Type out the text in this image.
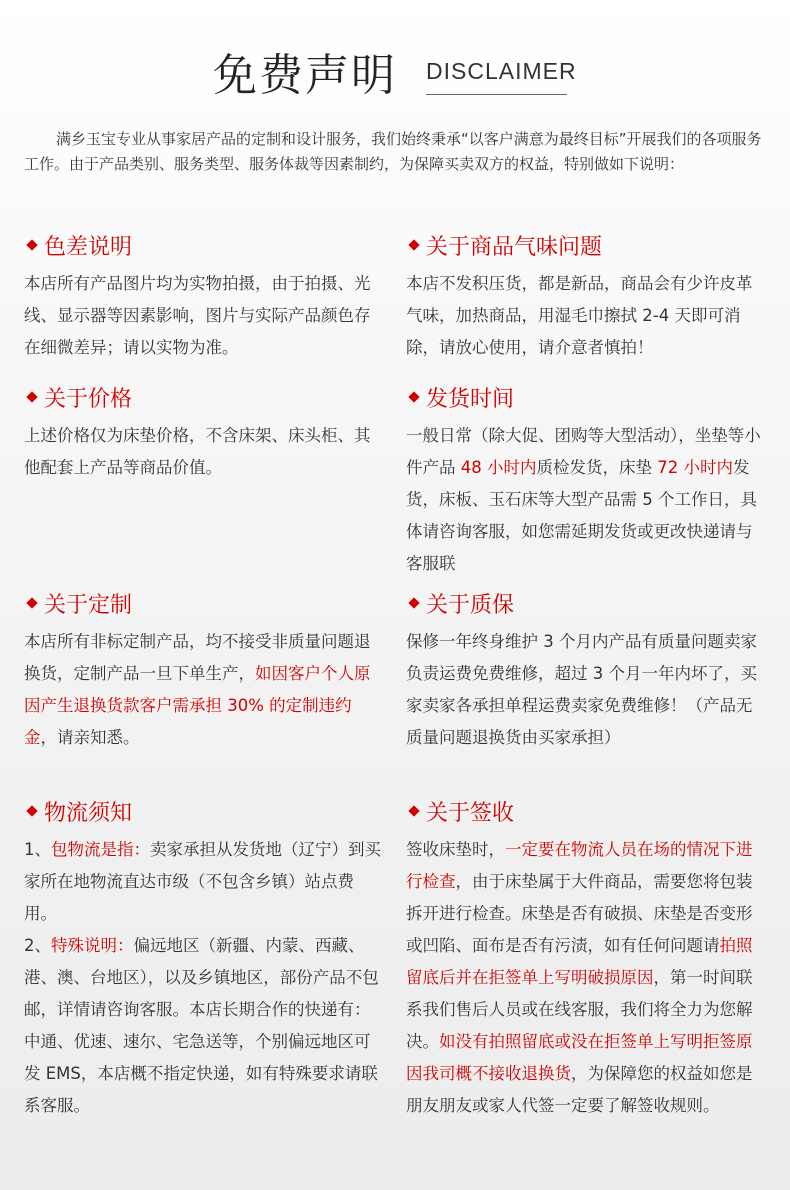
免费声明 DISCLAIMER
满乡玉宝专业从事家居产品的定制和设计服务，我们始终秉承“以客户满意为最终目标”开展我们的各项服务工作。由于产品类别、服务类型、服务体裁等因素制约，为保障买卖双方的权益，特别做如下说明：
色差说明
本店所有产品图片均为实物拍摄，由于拍摄、光线、显示器等因素影响，图片与实际产品颜色存在细微差异；请以实物为准。
关于价格
上述价格仅为床垫价格，不含床架、床头柜、其他配套上产品等商品价值。
关于定制
本店所有非标定制产品，均不接受非质量问题退换货，定制产品一旦下单生产，如因客户个人原因产生退换货款客户需承担 30% 的定制违约金，请亲知悉。
物流须知
1、包物流是指：卖家承担从发货地（辽宁）到买家所在地物流直达市级（不包含乡镇）站点费用。
2、特殊说明：偏远地区（新疆、内蒙、西藏、港、澳、台地区），以及乡镇地区，部份产品不包邮，详情请咨询客服。本店长期合作的快递有：中通、优速、速尔、宅急送等，个别偏远地区可发 EMS，本店概不指定快递，如有特殊要求请联系客服。
关于商品气味问题
本店不发积压货，都是新品，商品会有少许皮革气味，加热商品，用湿毛巾擦拭 2-4 天即可消除，请放心使用，请介意者慎拍！
发货时间
一般日常（除大促、团购等大型活动），坐垫等小件产品 48 小时内质检发货，床垫 72 小时内发货，床板、玉石床等大型产品需 5 个工作日，具体请咨询客服，如您需延期发货或更改快递请与客服联
关于质保
保修一年终身维护 3 个月内产品有质量问题卖家负责运费免费维修，超过 3 个月一年内坏了，买家卖家各承担单程运费卖家免费维修！（产品无质量问题退换货由买家承担）
关于签收
签收床垫时，一定要在物流人员在场的情况下进行检查，由于床垫属于大件商品，需要您将包装拆开进行检查。床垫是否有破损、床垫是否变形或凹陷、面布是否有污渍，如有任何问题请拍照留底后并在拒签单上写明破损原因，第一时间联系我们售后人员或在线客服，我们将全力为您解决。如没有拍照留底或没在拒签单上写明拒签原因我司概不接收退换货，为保障您的权益如您是朋友朋友或家人代签一定要了解签收规则。
